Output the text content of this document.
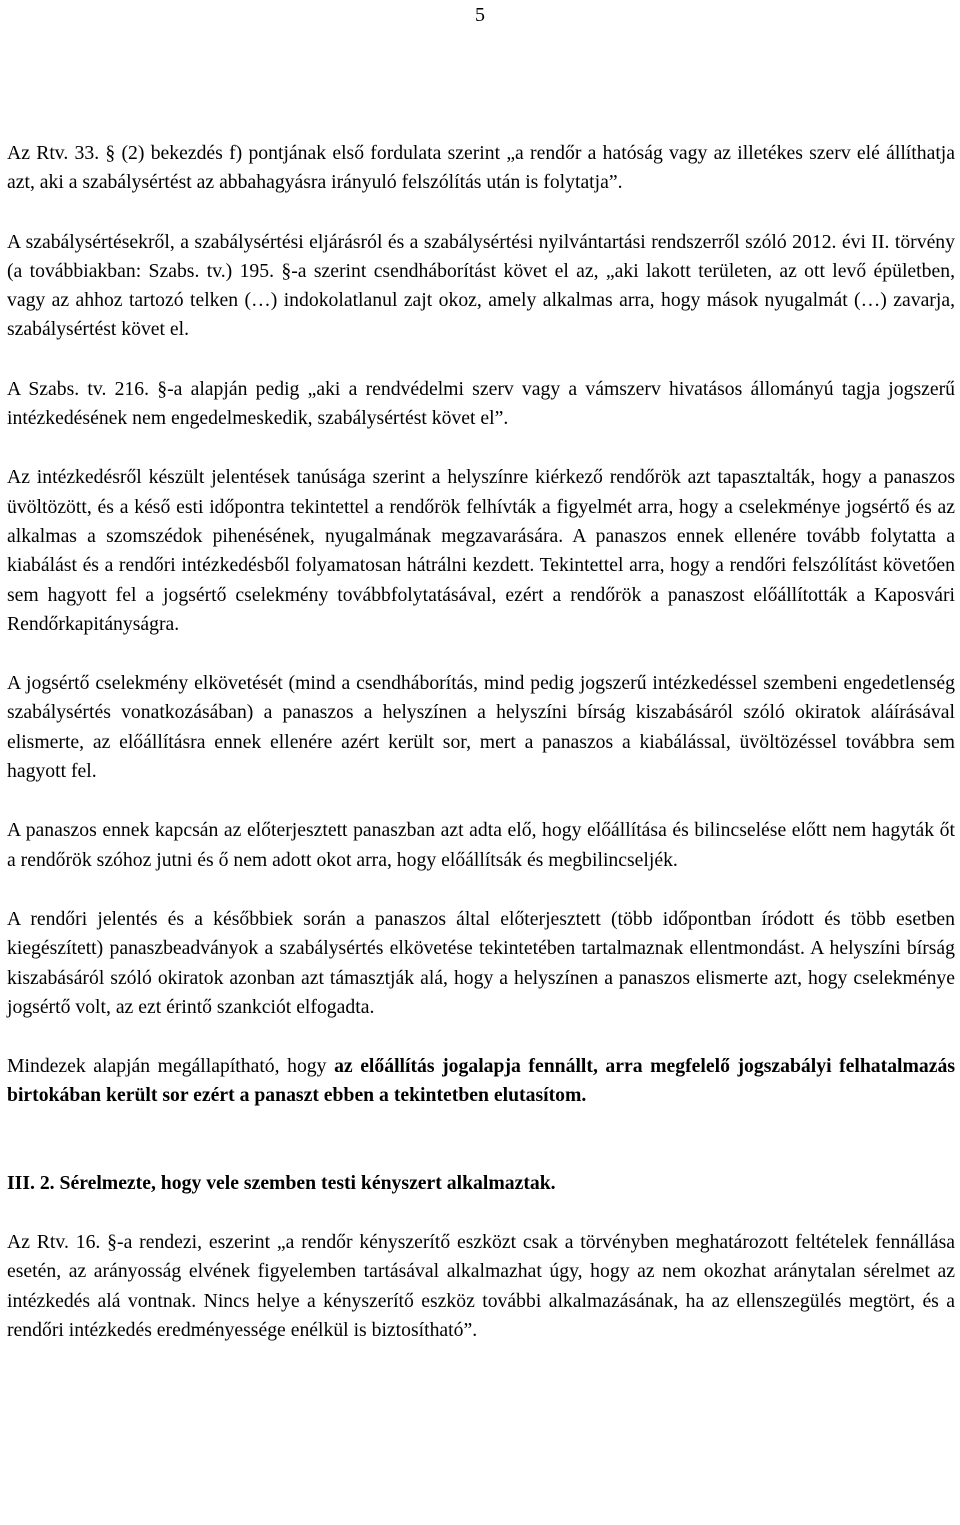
5

Az Rtv. 33. § (2) bekezdés f) pontjának első fordulata szerint „a rendőr a hatóság vagy az illetékes szerv elé állíthatja azt, aki a szabálysértést az abbahagyásra irányuló felszólítás után is folytatja”.

A szabálysértésekről, a szabálysértési eljárásról és a szabálysértési nyilvántartási rendszerről szóló 2012. évi II. törvény (a továbbiakban: Szabs. tv.) 195. §-a szerint csendháborítást követ el az, „aki lakott területen, az ott levő épületben, vagy az ahhoz tartozó telken (…) indokolatlanul zajt okoz, amely alkalmas arra, hogy mások nyugalmát (…) zavarja, szabálysértést követ el.

A Szabs. tv. 216. §-a alapján pedig „aki a rendvédelmi szerv vagy a vámszerv hivatásos állományú tagja jogszerű intézkedésének nem engedelmeskedik, szabálysértést követ el”.

Az intézkedésről készült jelentések tanúsága szerint a helyszínre kiérkező rendőrök azt tapasztalták, hogy a panaszos üvöltözött, és a késő esti időpontra tekintettel a rendőrök felhívták a figyelmét arra, hogy a cselekménye jogsértő és az alkalmas a szomszédok pihenésének, nyugalmának megzavarására. A panaszos ennek ellenére tovább folytatta a kiabálást és a rendőri intézkedésből folyamatosan hátrálni kezdett. Tekintettel arra, hogy a rendőri felszólítást követően sem hagyott fel a jogsértő cselekmény továbbfolytatásával, ezért a rendőrök a panaszost előállították a Kaposvári Rendőrkapitányságra.

A jogsértő cselekmény elkövetését (mind a csendháborítás, mind pedig jogszerű intézkedéssel szembeni engedetlenség szabálysértés vonatkozásában) a panaszos a helyszínen a helyszíni bírság kiszabásáról szóló okiratok aláírásával elismerte, az előállításra ennek ellenére azért került sor, mert a panaszos a kiabálással, üvöltözéssel továbbra sem hagyott fel.

A panaszos ennek kapcsán az előterjesztett panaszban azt adta elő, hogy előállítása és bilincselése előtt nem hagyták őt a rendőrök szóhoz jutni és ő nem adott okot arra, hogy előállítsák és megbilincseljék.

A rendőri jelentés és a későbbiek során a panaszos által előterjesztett (több időpontban íródott és több esetben kiegészített) panaszbeadványok a szabálysértés elkövetése tekintetében tartalmaznak ellentmondást. A helyszíni bírság kiszabásáról szóló okiratok azonban azt támasztják alá, hogy a helyszínen a panaszos elismerte azt, hogy cselekménye jogsértő volt, az ezt érintő szankciót elfogadta.

Mindezek alapján megállapítható, hogy az előállítás jogalapja fennállt, arra megfelelő jogszabályi felhatalmazás birtokában került sor ezért a panaszt ebben a tekintetben elutasítom.

III. 2. Sérelmezte, hogy vele szemben testi kényszert alkalmaztak.

Az Rtv. 16. §-a rendezi, eszerint „a rendőr kényszerítő eszközt csak a törvényben meghatározott feltételek fennállása esetén, az arányosság elvének figyelemben tartásával alkalmazhat úgy, hogy az nem okozhat aránytalan sérelmet az intézkedés alá vontnak. Nincs helye a kényszerítő eszköz további alkalmazásának, ha az ellenszegülés megtört, és a rendőri intézkedés eredményessége enélkül is biztosítható”.
